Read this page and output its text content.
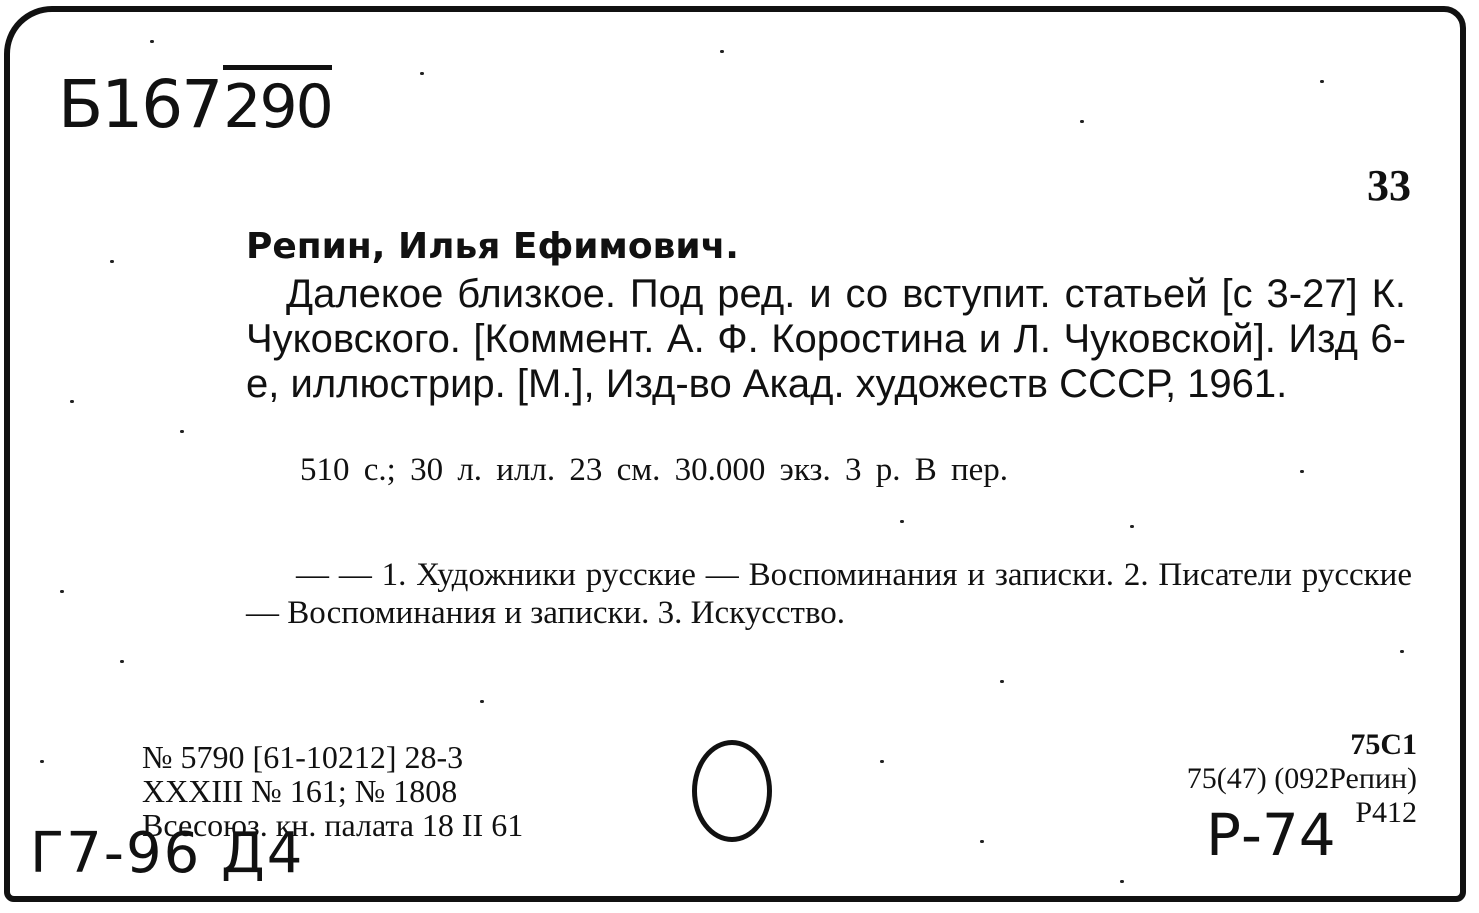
Б167290
33
Репин, Илья Ефимович.
Далекое близкое. Под ред. и со вступит. статьей [с 3-27] К. Чуковского. [Коммент. А. Ф. Коростина и Л. Чуковской]. Изд 6-е, иллюстрир. [М.], Изд-во Акад. художеств СССР, 1961.
510 с.; 30 л. илл. 23 см. 30.000 экз. 3 р. В пер.
— — 1. Художники русские — Воспоминания и записки. 2. Писатели русские — Воспоминания и записки. 3. Искусство.
№ 5790 [61-10212] 28-3
XXXIII № 161; № 1808
Всесоюз. кн. палата 18 II 61
75С1
75(47) (092Репин)
Р412
Г7-96 Д4	Р-74
